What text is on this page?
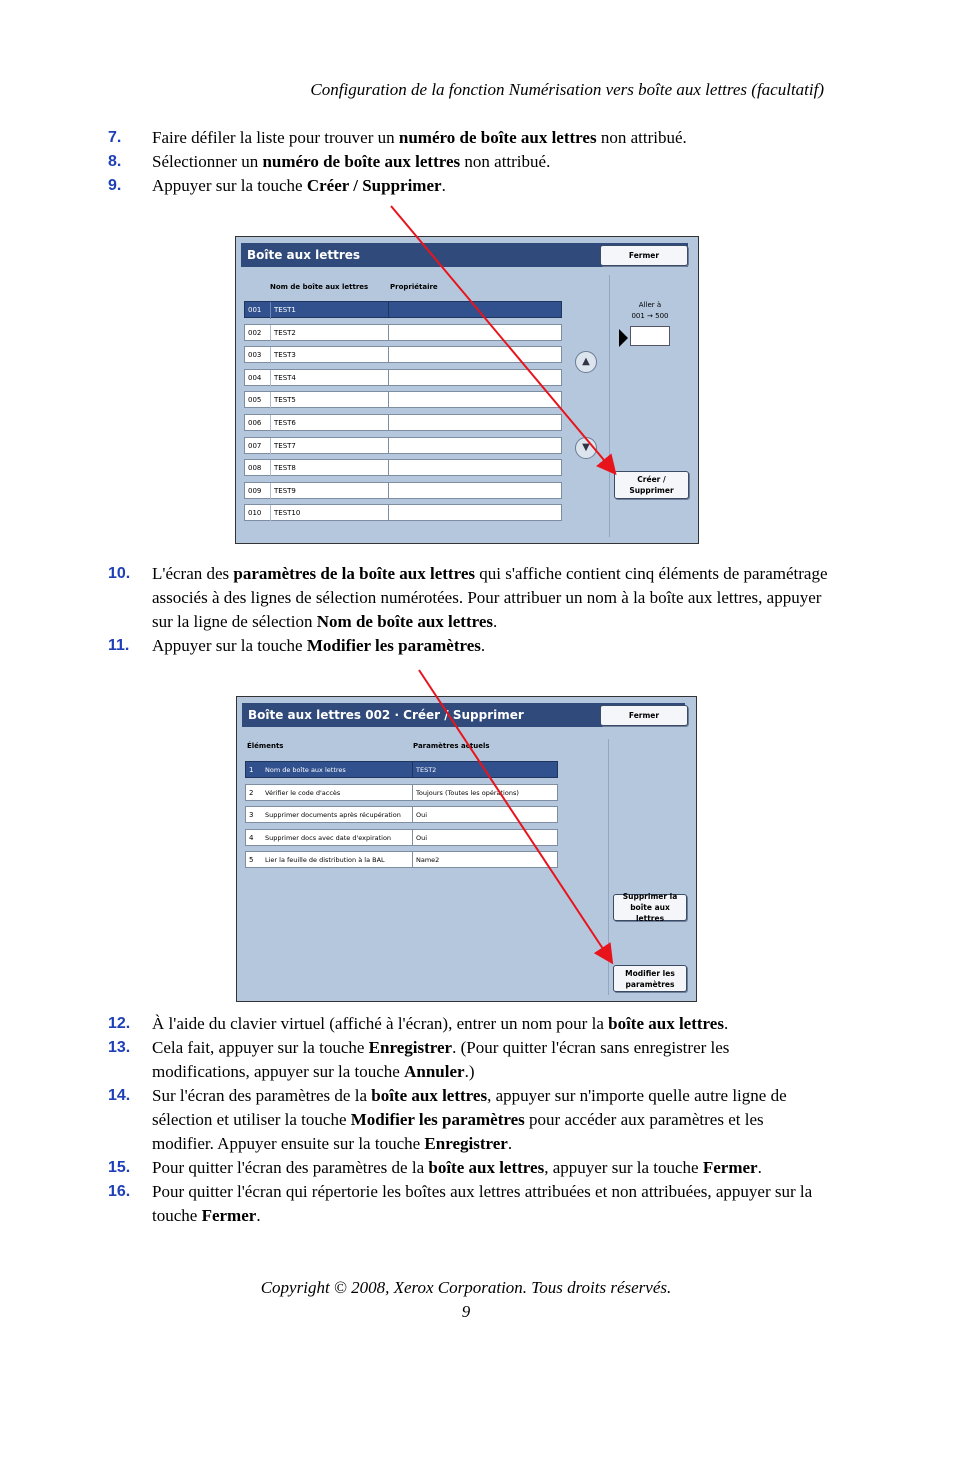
Configuration de la fonction Numérisation vers boîte aux lettres (facultatif)
7. Faire défiler la liste pour trouver un numéro de boîte aux lettres non attribué.
8. Sélectionner un numéro de boîte aux lettres non attribué.
9. Appuyer sur la touche Créer / Supprimer.
Boîte aux lettres	Fermer
Nom de boîte aux lettres	Propriétaire
001 TEST1
002 TEST2
003 TEST3
004 TEST4
005 TEST5
006 TEST6
007 TEST7
008 TEST8
009 TEST9
010 TEST10
▲
▼
Aller à
001 → 500
Créer / Supprimer
10. L'écran des paramètres de la boîte aux lettres qui s'affiche contient cinq éléments de paramétrage associés à des lignes de sélection numérotées. Pour attribuer un nom à la boîte aux lettres, appuyer sur la ligne de sélection Nom de boîte aux lettres.
11. Appuyer sur la touche Modifier les paramètres.
Boîte aux lettres 002 · Créer / Supprimer	Fermer
Éléments	Paramètres actuels
1 Nom de boîte aux lettres	TEST2
2 Vérifier le code d'accès	Toujours (Toutes les opérations)
3 Supprimer documents après récupération	Oui
4 Supprimer docs avec date d'expiration	Oui
5 Lier la feuille de distribution à la BAL	Name2
Supprimer la boîte aux lettres
Modifier les paramètres
12. À l'aide du clavier virtuel (affiché à l'écran), entrer un nom pour la boîte aux lettres.
13. Cela fait, appuyer sur la touche Enregistrer. (Pour quitter l'écran sans enregistrer les modifications, appuyer sur la touche Annuler.)
14. Sur l'écran des paramètres de la boîte aux lettres, appuyer sur n'importe quelle autre ligne de sélection et utiliser la touche Modifier les paramètres pour accéder aux paramètres et les modifier. Appuyer ensuite sur la touche Enregistrer.
15. Pour quitter l'écran des paramètres de la boîte aux lettres, appuyer sur la touche Fermer.
16. Pour quitter l'écran qui répertorie les boîtes aux lettres attribuées et non attribuées, appuyer sur la touche Fermer.
Copyright © 2008, Xerox Corporation. Tous droits réservés.
9
